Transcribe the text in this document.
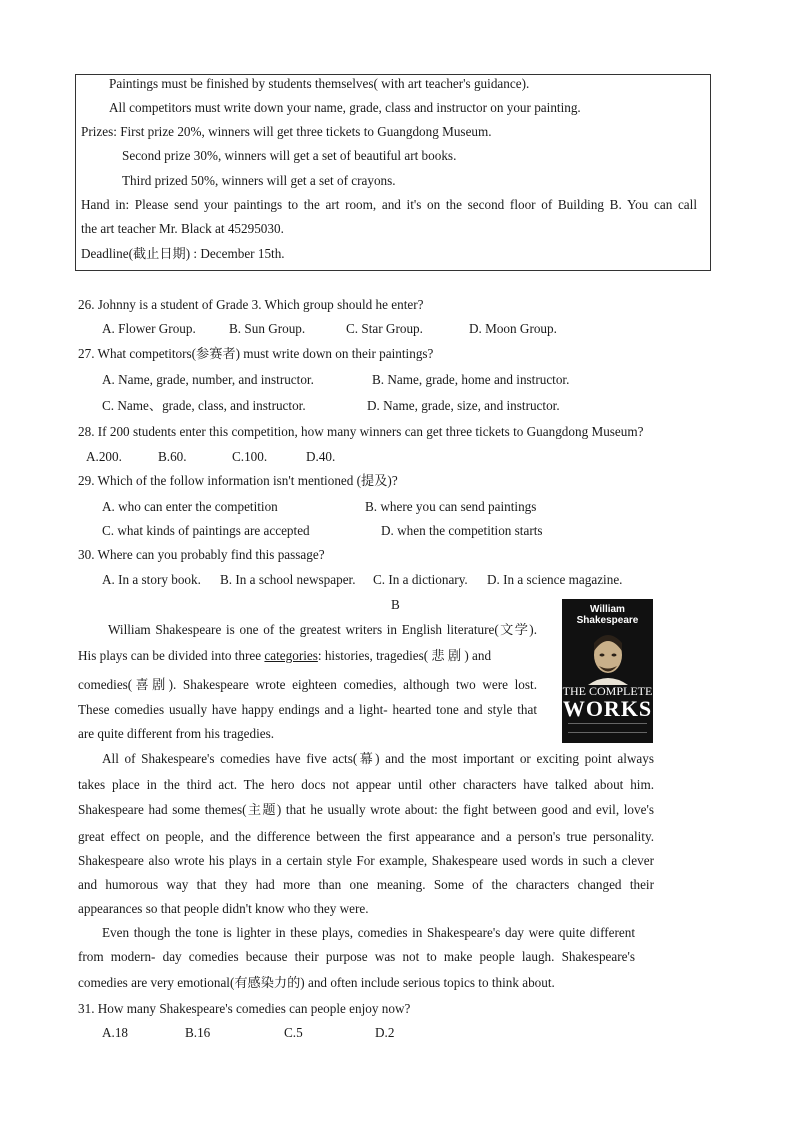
Paintings must be finished by students themselves( with art teacher's guidance).
All competitors must write down your name, grade, class and instructor on your painting.
Prizes: First prize 20%, winners will get three tickets to Guangdong Museum.
Second prize 30%, winners will get a set of beautiful art books.
Third prized 50%, winners will get a set of crayons.
Hand in: Please send your paintings to the art room, and it's on the second floor of Building B. You can call
the art teacher Mr. Black at 45295030.
Deadline(截止日期) : December 15th.
26. Johnny is a student of Grade 3. Which group should he enter?
A. Flower Group.	B. Sun Group.	C. Star Group.	D. Moon Group.
27. What competitors(参赛者) must write down on their paintings?
A. Name, grade, number, and instructor.	B. Name, grade, home and instructor.
C. Name、grade, class, and instructor.	D. Name, grade, size, and instructor.
28. If 200 students enter this competition, how many winners can get three tickets to Guangdong Museum?
A.200.	B.60.	C.100.	D.40.
29. Which of the follow information isn't mentioned (提及)?
A. who can enter the competition	B. where you can send paintings
C. what kinds of paintings are accepted	D. when the competition starts
30. Where can you probably find this passage?
A. In a story book. B. In a school newspaper. C. In a dictionary. D. In a science magazine.
B	William
Shakespeare
THE COMPLETE
WORKS
William Shakespeare is one of the greatest writers in English literature(文学).
His plays can be divided into three categories: histories, tragedies( 悲 剧 ) and
comedies(喜剧). Shakespeare wrote eighteen comedies, although two were lost.
These comedies usually have happy endings and a light- hearted tone and style that
are quite different from his tragedies.
All of Shakespeare's comedies have five acts(幕) and the most important or exciting point always
takes place in the third act. The hero docs not appear until other characters have talked about him.
Shakespeare had some themes(主题) that he usually wrote about: the fight between good and evil, love's
great effect on people, and the difference between the first appearance and a person's true personality.
Shakespeare also wrote his plays in a certain style For example, Shakespeare used words in such a clever
and humorous way that they had more than one meaning. Some of the characters changed their
appearances so that people didn't know who they were.
Even though the tone is lighter in these plays, comedies in Shakespeare's day were quite different
from modern- day comedies because their purpose was not to make people laugh. Shakespeare's
comedies are very emotional(有感染力的) and often include serious topics to think about.
31. How many Shakespeare's comedies can people enjoy now?
A.18	B.16	C.5	D.2
